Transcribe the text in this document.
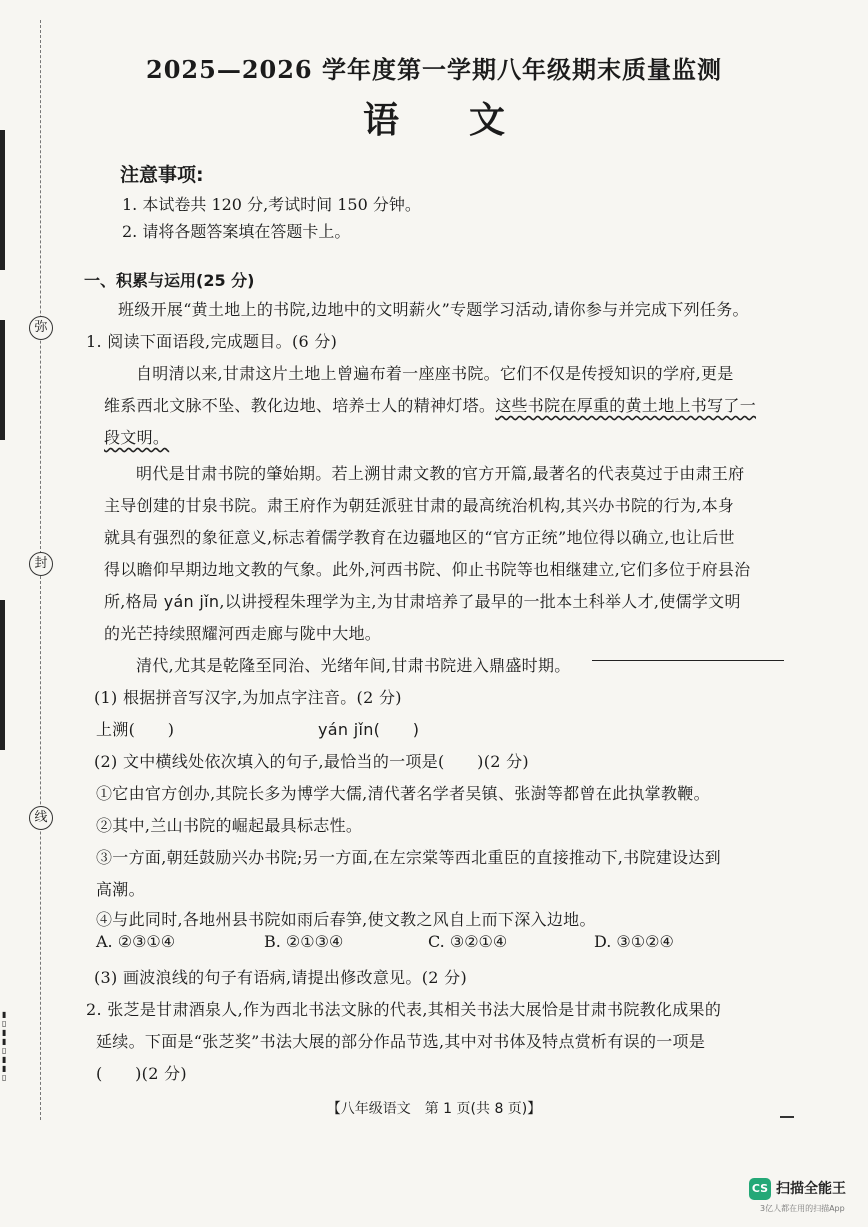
弥
封
线
▮
▯
▮
▮
▯
▮
▮
▯
2025—2026 学年度第一学期八年级期末质量监测
语文
注意事项:
1. 本试卷共 120 分,考试时间 150 分钟。
2. 请将各题答案填在答题卡上。
一、积累与运用(25 分)
班级开展“黄土地上的书院,边地中的文明薪火”专题学习活动,请你参与并完成下列任务。
1. 阅读下面语段,完成题目。(6 分)
自明清以来,甘肃这片土地上曾遍布着一座座书院。它们不仅是传授知识的学府,更是
维系西北文脉不坠、教化边地、培养士人的精神灯塔。这些书院在厚重的黄土地上书写了一
段文明。
明代是甘肃书院的肇始期。若上溯甘肃文教的官方开篇,最著名的代表莫过于由肃王府
主导创建的甘泉书院。肃王府作为朝廷派驻甘肃的最高统治机构,其兴办书院的行为,本身
就具有强烈的象征意义,标志着儒学教育在边疆地区的“官方正统”地位得以确立,也让后世
得以瞻仰早期边地文教的气象。此外,河西书院、仰止书院等也相继建立,它们多位于府县治
所,格局 yán jǐn,以讲授程朱理学为主,为甘肃培养了最早的一批本土科举人才,使儒学文明
的光芒持续照耀河西走廊与陇中大地。
清代,尤其是乾隆至同治、光绪年间,甘肃书院进入鼎盛时期。
(1) 根据拼音写汉字,为加点字注音。(2 分)
上溯(　　)	yán jǐn(　　)
(2) 文中横线处依次填入的句子,最恰当的一项是(　　)(2 分)
①它由官方创办,其院长多为博学大儒,清代著名学者吴镇、张澍等都曾在此执掌教鞭。
②其中,兰山书院的崛起最具标志性。
③一方面,朝廷鼓励兴办书院;另一方面,在左宗棠等西北重臣的直接推动下,书院建设达到
高潮。
④与此同时,各地州县书院如雨后春笋,使文教之风自上而下深入边地。
A. ②③①④	B. ②①③④	C. ③②①④	D. ③①②④
(3) 画波浪线的句子有语病,请提出修改意见。(2 分)
2. 张芝是甘肃酒泉人,作为西北书法文脉的代表,其相关书法大展恰是甘肃书院教化成果的
延续。下面是“张芝奖”书法大展的部分作品节选,其中对书体及特点赏析有误的一项是
(　　)(2 分)
【八年级语文　第 1 页(共 8 页)】
CS 扫描全能王
3亿人都在用的扫描App
